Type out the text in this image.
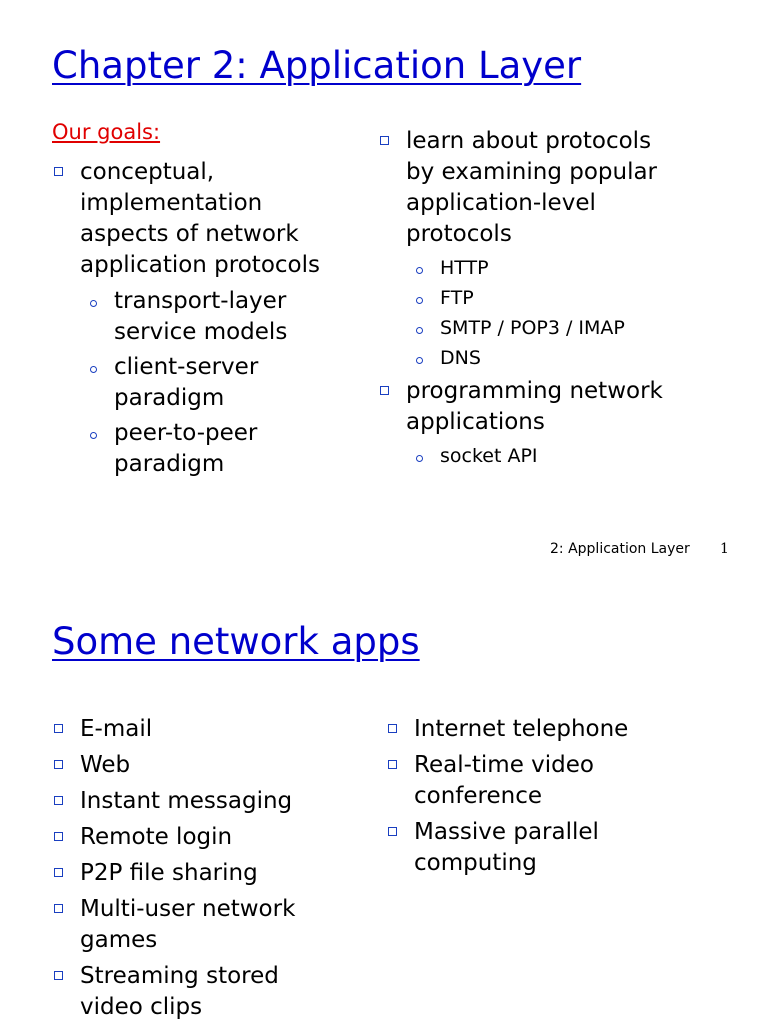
Chapter 2: Application Layer
Our goals:
conceptual, implementation aspects of network application protocols
transport-layer service models
client-server paradigm
peer-to-peer paradigm
learn about protocols by examining popular application-level protocols
HTTP
FTP
SMTP / POP3 / IMAP
DNS
programming network applications
socket API
2: Application Layer 1
Some network apps
E-mail
Web
Instant messaging
Remote login
P2P file sharing
Multi-user network games
Streaming stored video clips
Internet telephone
Real-time video conference
Massive parallel computing
